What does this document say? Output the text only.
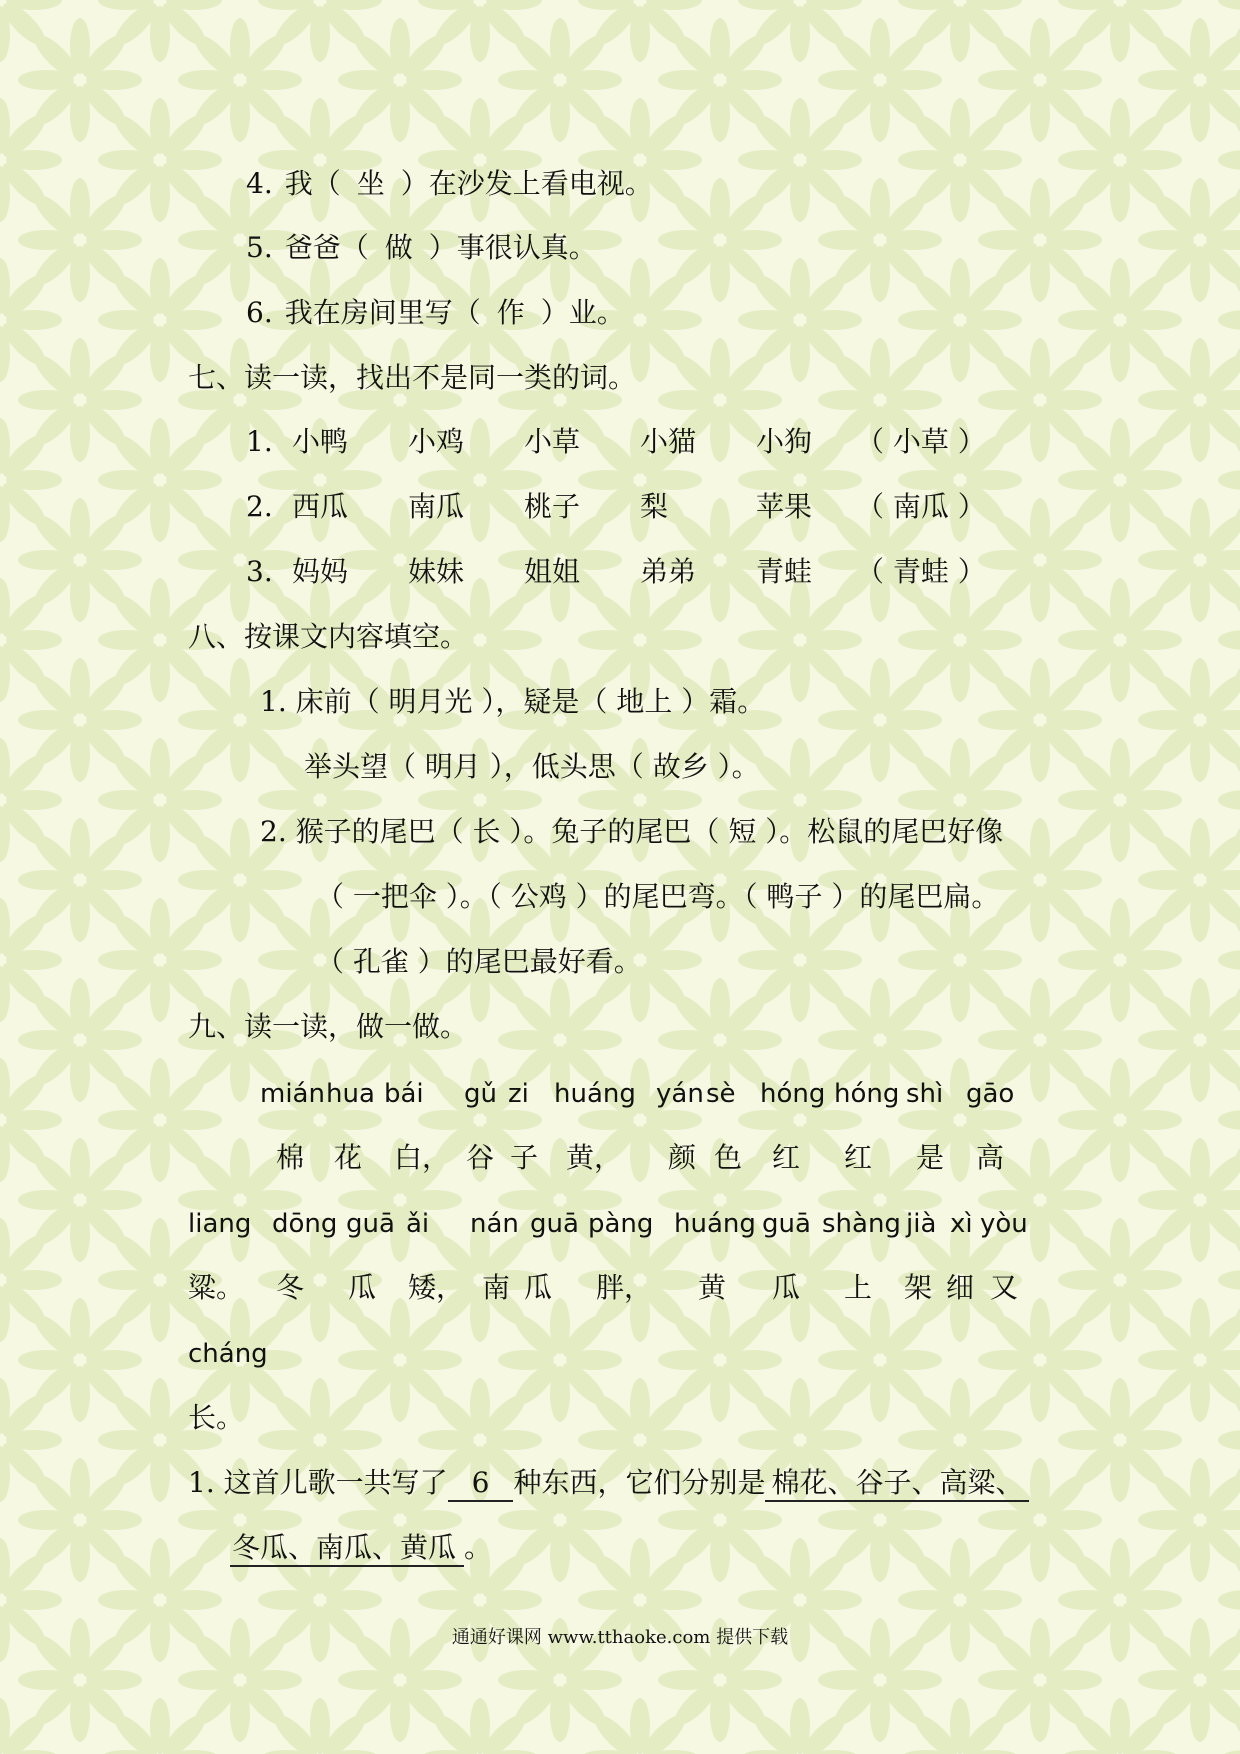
4. 我（ 坐 ）在沙发上看电视。
5. 爸爸（ 做 ）事很认真。
6. 我在房间里写（ 作 ）业。
七、读一读，找出不是同一类的词。
1. 小鸭 小鸡 小草 小猫 小狗 （ 小草 ）
2. 西瓜 南瓜 桃子 梨	苹果 （ 南瓜 ）
3. 妈妈 妹妹 姐姐 弟弟 青蛙 （ 青蛙 ）
八、按课文内容填空。
1. 床前（ 明月光 ），疑是（ 地上 ）霜。
举头望（ 明月 ），低头思（ 故乡 ）。
2. 猴子的尾巴（ 长 ）。兔子的尾巴（ 短 ）。松鼠的尾巴好像
（ 一把伞 ）。（ 公鸡 ）的尾巴弯。（ 鸭子 ）的尾巴扁。
（ 孔雀 ）的尾巴最好看。
九、读一读，做一做。
mián hua bái gǔ zi huáng yán sè hóng hóng shì gāo
棉 花 白， 谷 子 黄， 颜 色 红 红 是 高
liang dōng guā ǎi nán guā pàng huáng guā shàng jià xì yòu
粱。 冬 瓜 矮， 南 瓜 胖， 黄 瓜 上 架 细 又
cháng
长。
1. 这首儿歌一共写了 6 种东西，它们分别是 棉花、谷子、高粱、
冬瓜、南瓜、黄瓜 。
通通好课网 www.tthaoke.com 提供下载
